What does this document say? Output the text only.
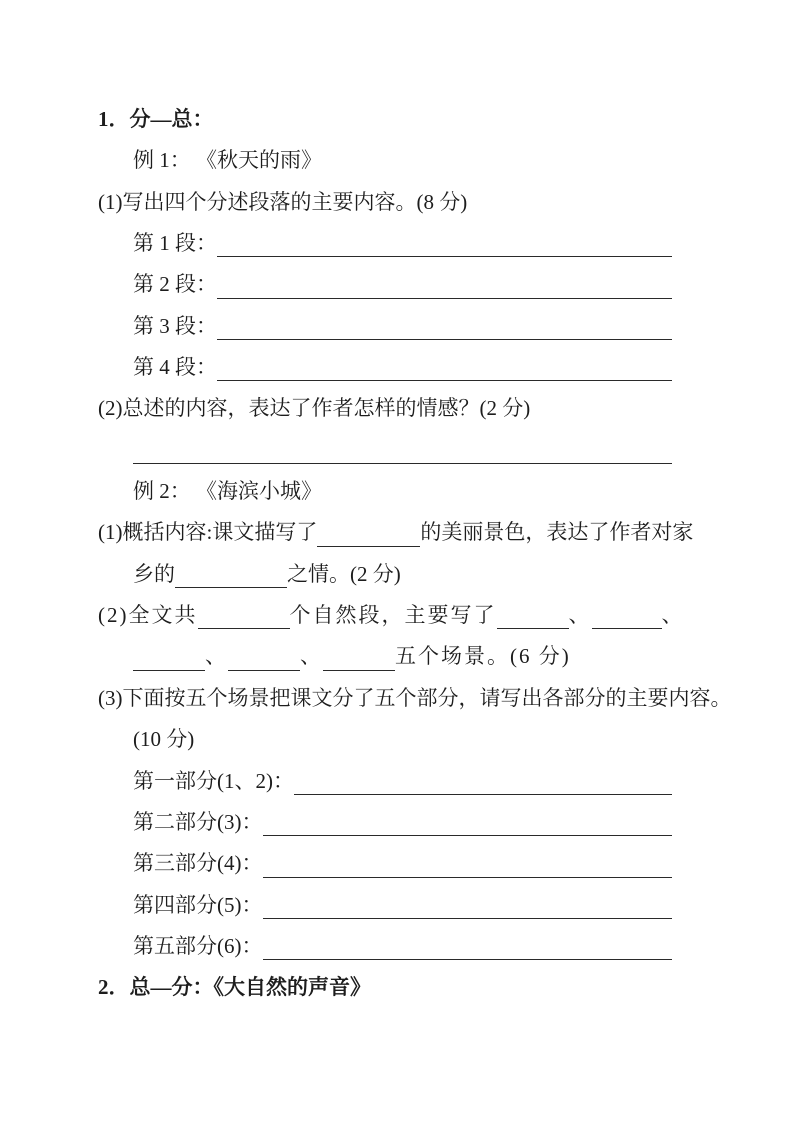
1．分—总：
例 1： 《秋天的雨》
(1)写出四个分述段落的主要内容。(8 分)
第 1 段：
第 2 段：
第 3 段：
第 4 段：
(2)总述的内容，表达了作者怎样的情感？(2 分)
例 2： 《海滨小城》
(1)概括内容:课文描写了	的美丽景色，表达了作者对家
乡的	之情。(2 分)
(2)全文共	个自然段，主要写了	、	、
、	、	五个场景。(6 分)
(3)下面按五个场景把课文分了五个部分，请写出各部分的主要内容。
(10 分)
第一部分(1、2)：
第二部分(3)：
第三部分(4)：
第四部分(5)：
第五部分(6)：
2．总—分：《大自然的声音》
